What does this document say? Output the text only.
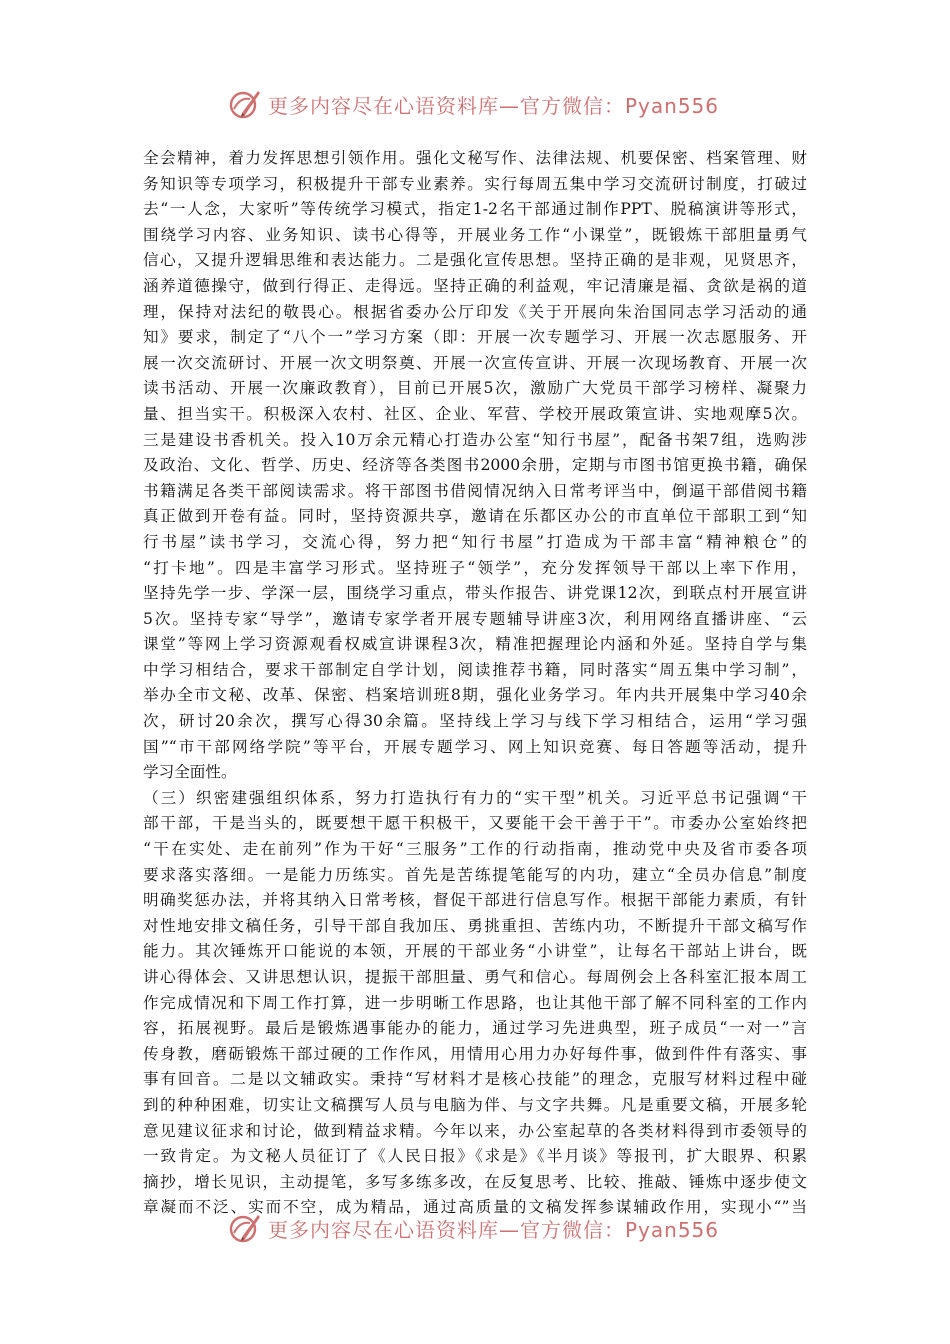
更多内容尽在心语资料库—官方微信：Pyan556
全会精神，着力发挥思想引领作用。强化文秘写作、法律法规、机要保密、档案管理、财
务知识等专项学习，积极提升干部专业素养。实行每周五集中学习交流研讨制度，打破过
去“一人念，大家听”等传统学习模式，指定1-2名干部通过制作PPT、脱稿演讲等形式，
围绕学习内容、业务知识、读书心得等，开展业务工作“小课堂”，既锻炼干部胆量勇气
信心，又提升逻辑思维和表达能力。二是强化宣传思想。坚持正确的是非观，见贤思齐，
涵养道德操守，做到行得正、走得远。坚持正确的利益观，牢记清廉是福、贪欲是祸的道
理，保持对法纪的敬畏心。根据省委办公厅印发《关于开展向朱治国同志学习活动的通
知》要求，制定了“八个一”学习方案（即：开展一次专题学习、开展一次志愿服务、开
展一次交流研讨、开展一次文明祭奠、开展一次宣传宣讲、开展一次现场教育、开展一次
读书活动、开展一次廉政教育），目前已开展5次，激励广大党员干部学习榜样、凝聚力
量、担当实干。积极深入农村、社区、企业、军营、学校开展政策宣讲、实地观摩5次。
三是建设书香机关。投入10万余元精心打造办公室“知行书屋”，配备书架7组，选购涉
及政治、文化、哲学、历史、经济等各类图书2000余册，定期与市图书馆更换书籍，确保
书籍满足各类干部阅读需求。将干部图书借阅情况纳入日常考评当中，倒逼干部借阅书籍
真正做到开卷有益。同时，坚持资源共享，邀请在乐都区办公的市直单位干部职工到“知
行书屋”读书学习，交流心得，努力把“知行书屋”打造成为干部丰富“精神粮仓”的
“打卡地”。四是丰富学习形式。坚持班子“领学”，充分发挥领导干部以上率下作用，
坚持先学一步、学深一层，围绕学习重点，带头作报告、讲党课12次，到联点村开展宣讲
5次。坚持专家“导学”，邀请专家学者开展专题辅导讲座3次，利用网络直播讲座、“云
课堂”等网上学习资源观看权威宣讲课程3次，精准把握理论内涵和外延。坚持自学与集
中学习相结合，要求干部制定自学计划，阅读推荐书籍，同时落实“周五集中学习制”，
举办全市文秘、改革、保密、档案培训班8期，强化业务学习。年内共开展集中学习40余
次，研讨20余次，撰写心得30余篇。坚持线上学习与线下学习相结合，运用“学习强
国”“市干部网络学院”等平台，开展专题学习、网上知识竞赛、每日答题等活动，提升
学习全面性。
（三）织密建强组织体系，努力打造执行有力的“实干型”机关。习近平总书记强调“干
部干部，干是当头的，既要想干愿干积极干，又要能干会干善于干”。市委办公室始终把
“干在实处、走在前列”作为干好“三服务”工作的行动指南，推动党中央及省市委各项
要求落实落细。一是能力历练实。首先是苦练提笔能写的内功，建立“全员办信息”制度
明确奖惩办法，并将其纳入日常考核，督促干部进行信息写作。根据干部能力素质，有针
对性地安排文稿任务，引导干部自我加压、勇挑重担、苦练内功，不断提升干部文稿写作
能力。其次锤炼开口能说的本领，开展的干部业务“小讲堂”，让每名干部站上讲台，既
讲心得体会、又讲思想认识，提振干部胆量、勇气和信心。每周例会上各科室汇报本周工
作完成情况和下周工作打算，进一步明晰工作思路，也让其他干部了解不同科室的工作内
容，拓展视野。最后是锻炼遇事能办的能力，通过学习先进典型，班子成员“一对一”言
传身教，磨砺锻炼干部过硬的工作作风，用情用心用力办好每件事，做到件件有落实、事
事有回音。二是以文辅政实。秉持“写材料才是核心技能”的理念，克服写材料过程中碰
到的种种困难，切实让文稿撰写人员与电脑为伴、与文字共舞。凡是重要文稿，开展多轮
意见建议征求和讨论，做到精益求精。今年以来，办公室起草的各类材料得到市委领导的
一致肯定。为文秘人员征订了《人民日报》《求是》《半月谈》等报刊，扩大眼界、积累
摘抄，增长见识，主动提笔，多写多练多改，在反复思考、比较、推敲、锤炼中逐步使文
章凝而不泛、实而不空，成为精品，通过高质量的文稿发挥参谋辅政作用，实现小“”当
更多内容尽在心语资料库—官方微信：Pyan556
